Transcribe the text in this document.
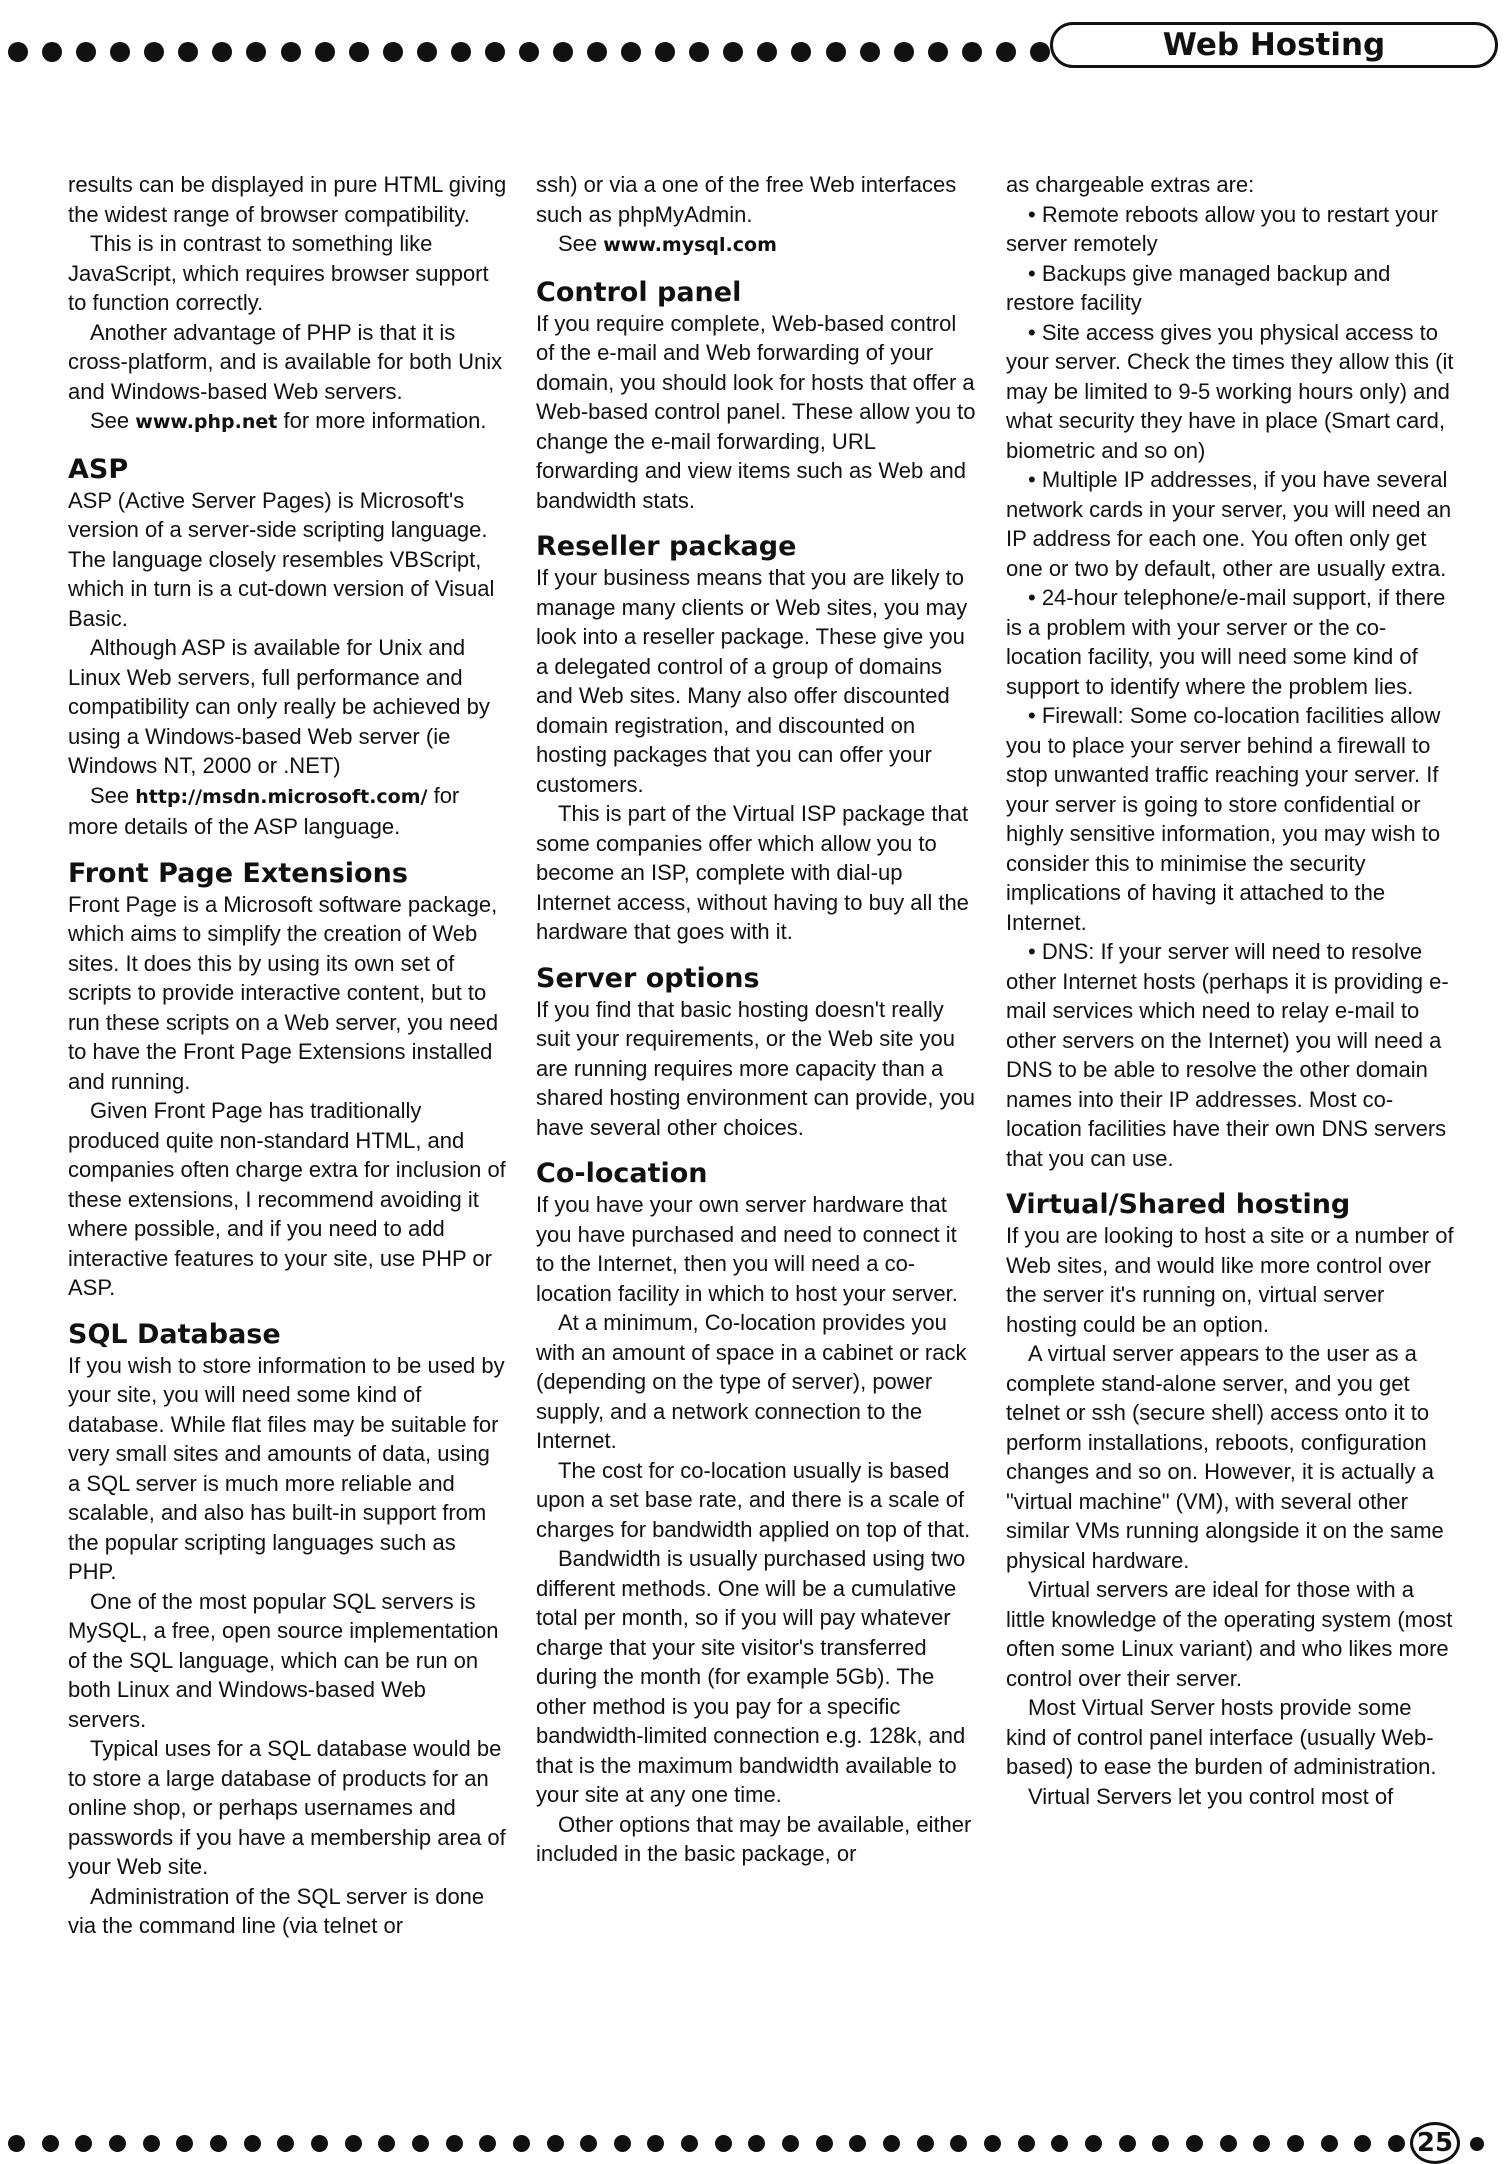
Web Hosting

results can be displayed in pure HTML giving the widest range of browser compatibility.

This is in contrast to something like JavaScript, which requires browser support to function correctly.

Another advantage of PHP is that it is cross-platform, and is available for both Unix and Windows-based Web servers.

See www.php.net for more information.

ASP

ASP (Active Server Pages) is Microsoft's version of a server-side scripting language. The language closely resembles VBScript, which in turn is a cut-down version of Visual Basic.

Although ASP is available for Unix and Linux Web servers, full performance and compatibility can only really be achieved by using a Windows-based Web server (ie Windows NT, 2000 or .NET)

See http://msdn.microsoft.com/ for more details of the ASP language.

Front Page Extensions

Front Page is a Microsoft software package, which aims to simplify the creation of Web sites. It does this by using its own set of scripts to provide interactive content, but to run these scripts on a Web server, you need to have the Front Page Extensions installed and running.

Given Front Page has traditionally produced quite non-standard HTML, and companies often charge extra for inclusion of these extensions, I recommend avoiding it where possible, and if you need to add interactive features to your site, use PHP or ASP.

SQL Database

If you wish to store information to be used by your site, you will need some kind of database. While flat files may be suitable for very small sites and amounts of data, using a SQL server is much more reliable and scalable, and also has built-in support from the popular scripting languages such as PHP.

One of the most popular SQL servers is MySQL, a free, open source implementation of the SQL language, which can be run on both Linux and Windows-based Web servers.

Typical uses for a SQL database would be to store a large database of products for an online shop, or perhaps usernames and passwords if you have a membership area of your Web site.

Administration of the SQL server is done via the command line (via telnet or

ssh) or via a one of the free Web interfaces such as phpMyAdmin.

See www.mysql.com

Control panel

If you require complete, Web-based control of the e-mail and Web forwarding of your domain, you should look for hosts that offer a Web-based control panel. These allow you to change the e-mail forwarding, URL forwarding and view items such as Web and bandwidth stats.

Reseller package

If your business means that you are likely to manage many clients or Web sites, you may look into a reseller package. These give you a delegated control of a group of domains and Web sites. Many also offer discounted domain registration, and discounted on hosting packages that you can offer your customers.

This is part of the Virtual ISP package that some companies offer which allow you to become an ISP, complete with dial-up Internet access, without having to buy all the hardware that goes with it.

Server options

If you find that basic hosting doesn't really suit your requirements, or the Web site you are running requires more capacity than a shared hosting environment can provide, you have several other choices.

Co-location

If you have your own server hardware that you have purchased and need to connect it to the Internet, then you will need a co-location facility in which to host your server.

At a minimum, Co-location provides you with an amount of space in a cabinet or rack (depending on the type of server), power supply, and a network connection to the Internet.

The cost for co-location usually is based upon a set base rate, and there is a scale of charges for bandwidth applied on top of that.

Bandwidth is usually purchased using two different methods. One will be a cumulative total per month, so if you will pay whatever charge that your site visitor's transferred during the month (for example 5Gb). The other method is you pay for a specific bandwidth-limited connection e.g. 128k, and that is the maximum bandwidth available to your site at any one time.

Other options that may be available, either included in the basic package, or

as chargeable extras are:

• Remote reboots allow you to restart your server remotely

• Backups give managed backup and restore facility

• Site access gives you physical access to your server. Check the times they allow this (it may be limited to 9-5 working hours only) and what security they have in place (Smart card, biometric and so on)

• Multiple IP addresses, if you have several network cards in your server, you will need an IP address for each one. You often only get one or two by default, other are usually extra.

• 24-hour telephone/e-mail support, if there is a problem with your server or the co-location facility, you will need some kind of support to identify where the problem lies.

• Firewall: Some co-location facilities allow you to place your server behind a firewall to stop unwanted traffic reaching your server. If your server is going to store confidential or highly sensitive information, you may wish to consider this to minimise the security implications of having it attached to the Internet.

• DNS: If your server will need to resolve other Internet hosts (perhaps it is providing e-mail services which need to relay e-mail to other servers on the Internet) you will need a DNS to be able to resolve the other domain names into their IP addresses. Most co-location facilities have their own DNS servers that you can use.

Virtual/Shared hosting

If you are looking to host a site or a number of Web sites, and would like more control over the server it's running on, virtual server hosting could be an option.

A virtual server appears to the user as a complete stand-alone server, and you get telnet or ssh (secure shell) access onto it to perform installations, reboots, configuration changes and so on. However, it is actually a "virtual machine" (VM), with several other similar VMs running alongside it on the same physical hardware.

Virtual servers are ideal for those with a little knowledge of the operating system (most often some Linux variant) and who likes more control over their server.

Most Virtual Server hosts provide some kind of control panel interface (usually Web-based) to ease the burden of administration.

Virtual Servers let you control most of

25
